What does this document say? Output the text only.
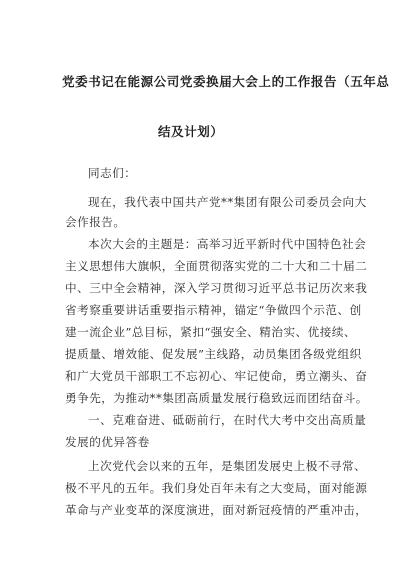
党委书记在能源公司党委换届大会上的工作报告（五年总
结及计划）
同志们：
现在，我代表中国共产党**集团有限公司委员会向大
会作报告。
本次大会的主题是：高举习近平新时代中国特色社会
主义思想伟大旗帜，全面贯彻落实党的二十大和二十届二
中、三中全会精神，深入学习贯彻习近平总书记历次来我
省考察重要讲话重要指示精神，锚定“争做四个示范、创
建一流企业”总目标，紧扣“强安全、精治实、优接续、
提质量、增效能、促发展”主线路，动员集团各级党组织
和广大党员干部职工不忘初心、牢记使命，勇立潮头、奋
勇争先，为推动**集团高质量发展行稳致远而团结奋斗。
一、克难奋进、砥砺前行，在时代大考中交出高质量
发展的优异答卷
上次党代会以来的五年，是集团发展史上极不寻常、
极不平凡的五年。我们身处百年未有之大变局，面对能源
革命与产业变革的深度演进，面对新冠疫情的严重冲击，
